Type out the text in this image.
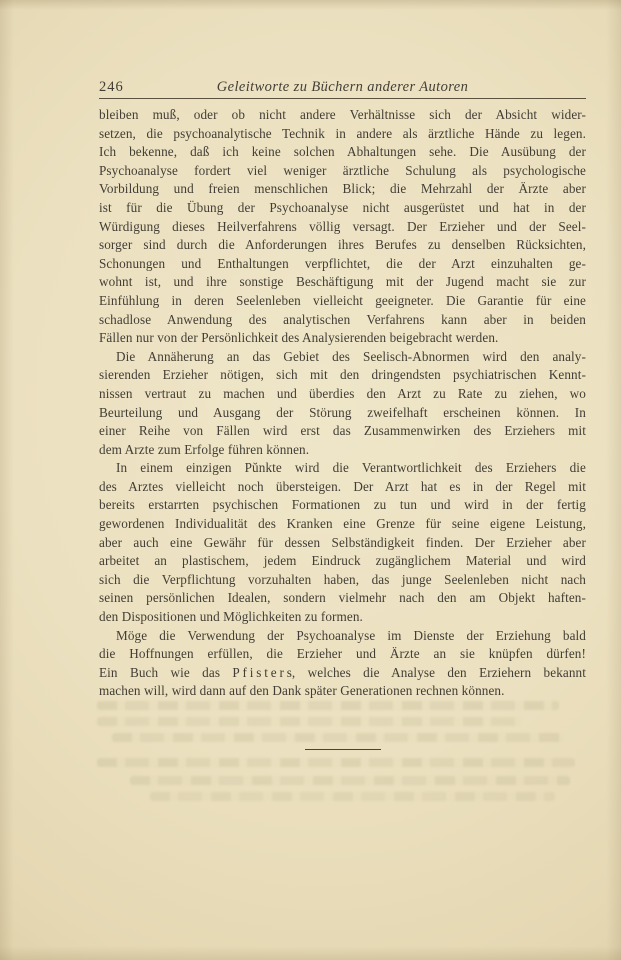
246	Geleitworte zu Büchern anderer Autoren
bleiben muß, oder ob nicht andere Verhältnisse sich der Absicht wider-
setzen, die psychoanalytische Technik in andere als ärztliche Hände zu legen.
Ich bekenne, daß ich keine solchen Abhaltungen sehe. Die Ausübung der
Psychoanalyse fordert viel weniger ärztliche Schulung als psychologische
Vorbildung und freien menschlichen Blick; die Mehrzahl der Ärzte aber
ist für die Übung der Psychoanalyse nicht ausgerüstet und hat in der
Würdigung dieses Heilverfahrens völlig versagt. Der Erzieher und der Seel-
sorger sind durch die Anforderungen ihres Berufes zu denselben Rücksichten,
Schonungen und Enthaltungen verpflichtet, die der Arzt einzuhalten ge-
wohnt ist, und ihre sonstige Beschäftigung mit der Jugend macht sie zur
Einfühlung in deren Seelenleben vielleicht geeigneter. Die Garantie für eine
schadlose Anwendung des analytischen Verfahrens kann aber in beiden
Fällen nur von der Persönlichkeit des Analysierenden beigebracht werden.
Die Annäherung an das Gebiet des Seelisch-Abnormen wird den analy-
sierenden Erzieher nötigen, sich mit den dringendsten psychiatrischen Kennt-
nissen vertraut zu machen und überdies den Arzt zu Rate zu ziehen, wo
Beurteilung und Ausgang der Störung zweifelhaft erscheinen können. In
einer Reihe von Fällen wird erst das Zusammenwirken des Erziehers mit
dem Arzte zum Erfolge führen können.
In einem einzigen Pŭnkte wird die Verantwortlichkeit des Erziehers die
des Arztes vielleicht noch übersteigen. Der Arzt hat es in der Regel mit
bereits erstarrten psychischen Formationen zu tun und wird in der fertig
gewordenen Individualität des Kranken eine Grenze für seine eigene Leistung,
aber auch eine Gewähr für dessen Selbständigkeit finden. Der Erzieher aber
arbeitet an plastischem, jedem Eindruck zugänglichem Material und wird
sich die Verpflichtung vorzuhalten haben, das junge Seelenleben nicht nach
seinen persönlichen Idealen, sondern vielmehr nach den am Objekt haften-
den Dispositionen und Möglichkeiten zu formen.
Möge die Verwendung der Psychoanalyse im Dienste der Erziehung bald
die Hoffnungen erfüllen, die Erzieher und Ärzte an sie knüpfen dürfen!
Ein Buch wie das P f i s t e r s, welches die Analyse den Erziehern bekannt
machen will, wird dann auf den Dank später Generationen rechnen können.
